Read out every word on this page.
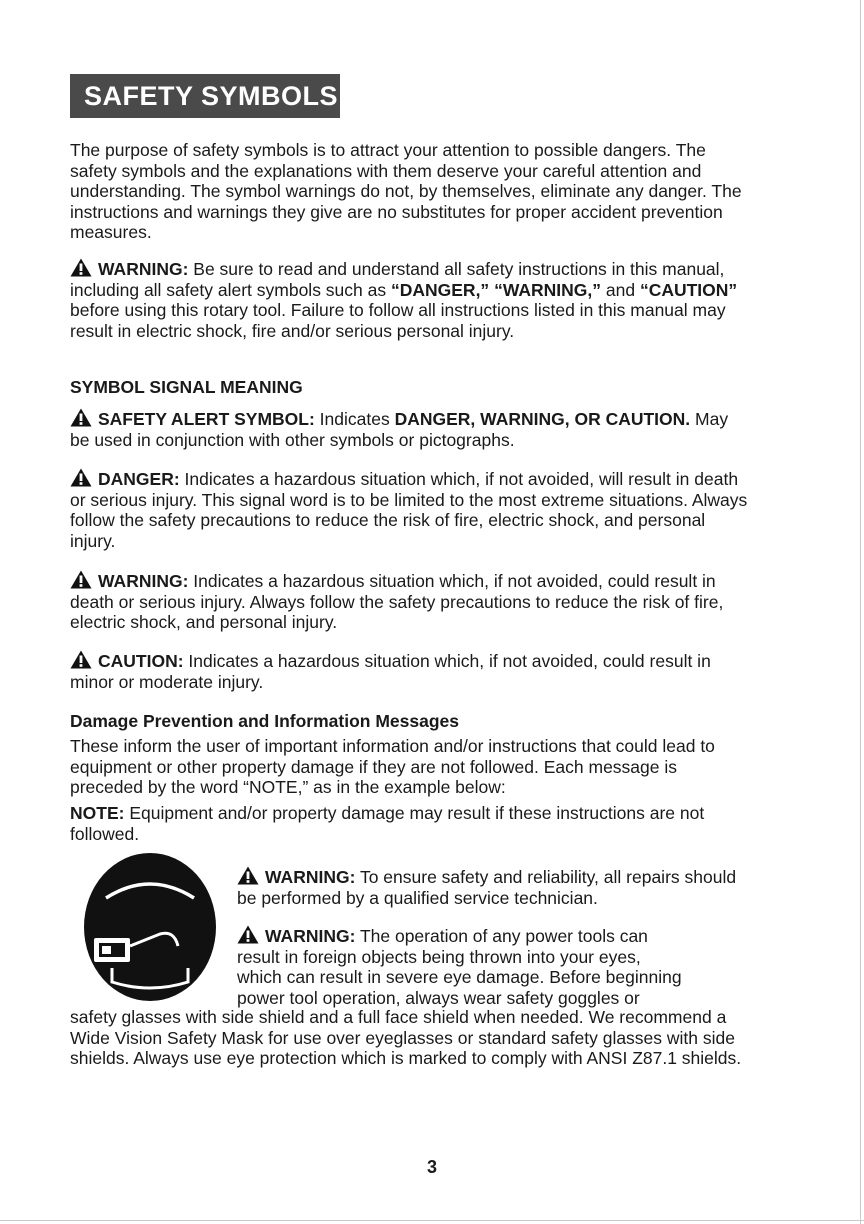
SAFETY SYMBOLS

The purpose of safety symbols is to attract your attention to possible dangers. The safety symbols and the explanations with them deserve your careful attention and understanding. The symbol warnings do not, by themselves, eliminate any danger. The instructions and warnings they give are no substitutes for proper accident prevention measures.

WARNING: Be sure to read and understand all safety instructions in this manual, including all safety alert symbols such as “DANGER,” “WARNING,” and “CAUTION” before using this rotary tool. Failure to follow all instructions listed in this manual may result in electric shock, fire and/or serious personal injury.

SYMBOL SIGNAL MEANING

SAFETY ALERT SYMBOL: Indicates DANGER, WARNING, OR CAUTION. May be used in conjunction with other symbols or pictographs.

DANGER: Indicates a hazardous situation which, if not avoided, will result in death or serious injury. This signal word is to be limited to the most extreme situations. Always follow the safety precautions to reduce the risk of fire, electric shock, and personal injury.

WARNING: Indicates a hazardous situation which, if not avoided, could result in death or serious injury. Always follow the safety precautions to reduce the risk of fire, electric shock, and personal injury.

CAUTION: Indicates a hazardous situation which, if not avoided, could result in minor or moderate injury.

Damage Prevention and Information Messages

These inform the user of important information and/or instructions that could lead to equipment or other property damage if they are not followed. Each message is preceded by the word “NOTE,” as in the example below:

NOTE: Equipment and/or property damage may result if these instructions are not followed.

WARNING: To ensure safety and reliability, all repairs should be performed by a qualified service technician.

WARNING: The operation of any power tools can
result in foreign objects being thrown into your eyes,
which can result in severe eye damage. Before beginning
power tool operation, always wear safety goggles or

safety glasses with side shield and a full face shield when needed. We recommend a Wide Vision Safety Mask for use over eyeglasses or standard safety glasses with side shields. Always use eye protection which is marked to comply with ANSI Z87.1 shields.

3
